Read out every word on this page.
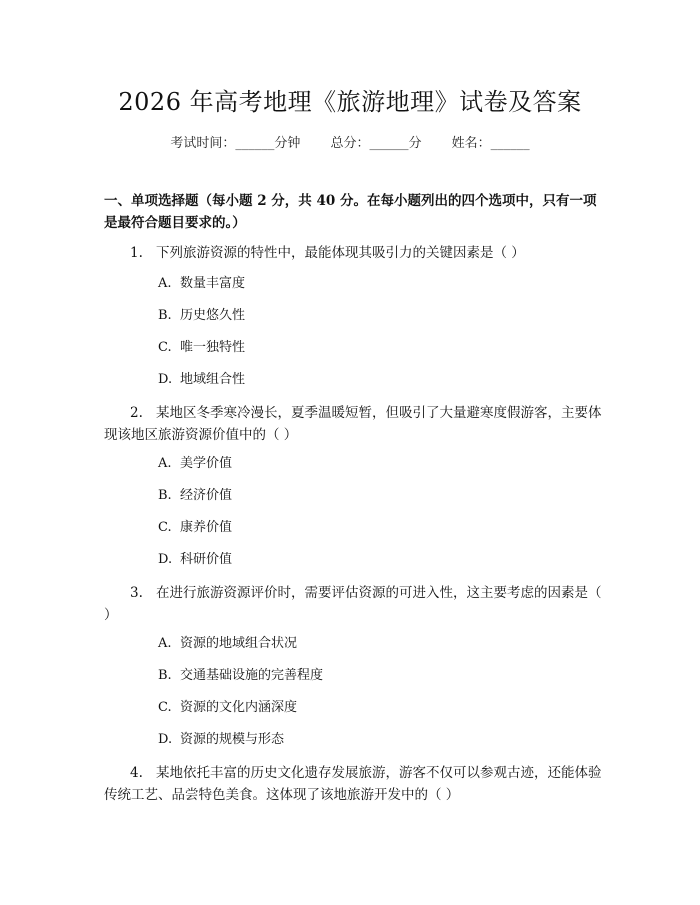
2026 年高考地理《旅游地理》试卷及答案
考试时间：______分钟 总分：______分 姓名：______
一、单项选择题（每小题 2 分，共 40 分。在每小题列出的四个选项中，只有一项是最符合题目要求的。）
1. 下列旅游资源的特性中，最能体现其吸引力的关键因素是（ ）
A. 数量丰富度
B. 历史悠久性
C. 唯一独特性
D. 地域组合性
2. 某地区冬季寒冷漫长，夏季温暖短暂，但吸引了大量避寒度假游客，主要体现该地区旅游资源价值中的（ ）
A. 美学价值
B. 经济价值
C. 康养价值
D. 科研价值
3. 在进行旅游资源评价时，需要评估资源的可进入性，这主要考虑的因素是（ ）
A. 资源的地域组合状况
B. 交通基础设施的完善程度
C. 资源的文化内涵深度
D. 资源的规模与形态
4. 某地依托丰富的历史文化遗存发展旅游，游客不仅可以参观古迹，还能体验传统工艺、品尝特色美食。这体现了该地旅游开发中的（ ）
